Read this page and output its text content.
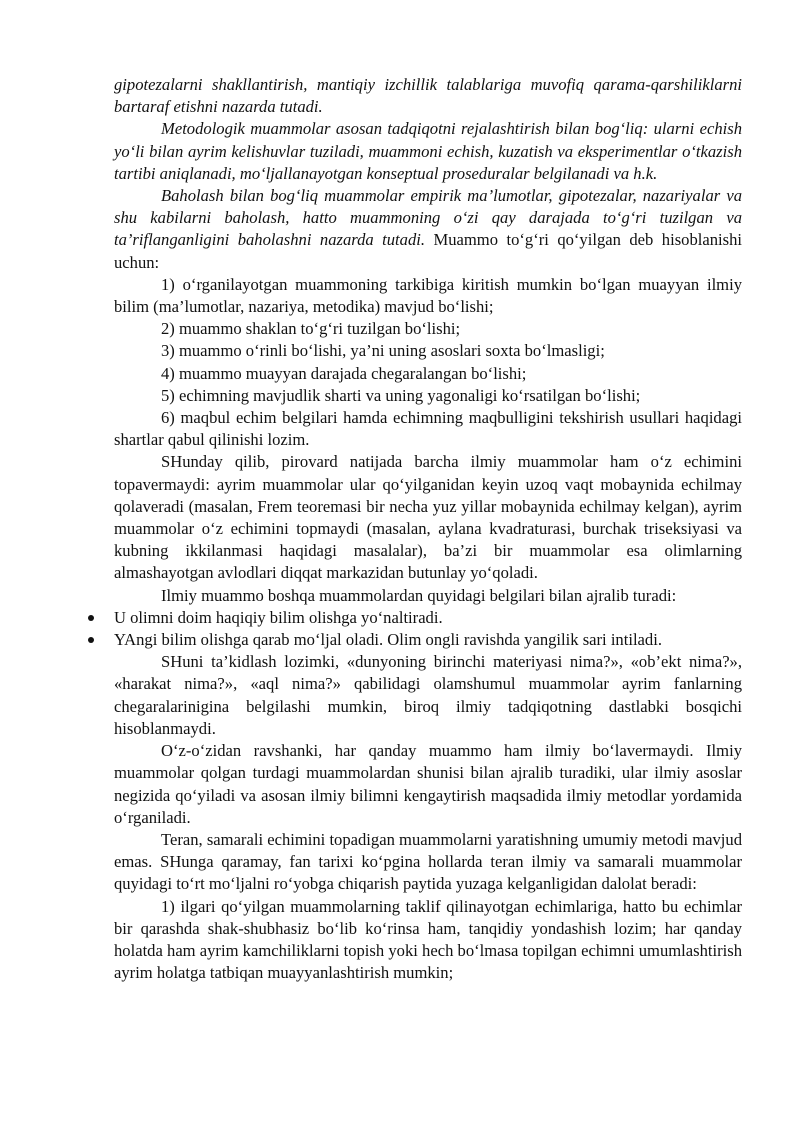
gipotezalarni shakllantirish, mantiqiy izchillik talablariga muvofiq qarama-qarshiliklarni bartaraf etishni nazarda tutadi.

Metodologik muammolar asosan tadqiqotni rejalashtirish bilan bog‘liq: ularni echish yo‘li bilan ayrim kelishuvlar tuziladi, muammoni echish, kuzatish va eksperimentlar o‘tkazish tartibi aniqlanadi, mo‘ljallanayotgan konseptual proseduralar belgilanadi va h.k.

Baholash bilan bog‘liq muammolar empirik ma’lumotlar, gipotezalar, nazariyalar va shu kabilarni baholash, hatto muammoning o‘zi qay darajada to‘g‘ri tuzilgan va ta’riflanganligini baholashni nazarda tutadi. Muammo to‘g‘ri qo‘yilgan deb hisoblanishi uchun:

1) o‘rganilayotgan muammoning tarkibiga kiritish mumkin bo‘lgan muayyan ilmiy bilim (ma’lumotlar, nazariya, metodika) mavjud bo‘lishi;

2) muammo shaklan to‘g‘ri tuzilgan bo‘lishi;

3) muammo o‘rinli bo‘lishi, ya’ni uning asoslari soxta bo‘lmasligi;

4) muammo muayyan darajada chegaralangan bo‘lishi;

5) echimning mavjudlik sharti va uning yagonaligi ko‘rsatilgan bo‘lishi;

6) maqbul echim belgilari hamda echimning maqbulligini tekshirish usullari haqidagi shartlar qabul qilinishi lozim.

SHunday qilib, pirovard natijada barcha ilmiy muammolar ham o‘z echimini topavermaydi: ayrim muammolar ular qo‘yilganidan keyin uzoq vaqt mobaynida echilmay qolaveradi (masalan, Frem teoremasi bir necha yuz yillar mobaynida echilmay kelgan), ayrim muammolar o‘z echimini topmaydi (masalan, aylana kvadraturasi, burchak triseksiyasi va kubning ikkilanmasi haqidagi masalalar), ba’zi bir muammolar esa olimlarning almashayotgan avlodlari diqqat markazidan butunlay yo‘qoladi.

Ilmiy muammo boshqa muammolardan quyidagi belgilari bilan ajralib turadi:

U olimni doim haqiqiy bilim olishga yo‘naltiradi.
YAngi bilim olishga qarab mo‘ljal oladi. Olim ongli ravishda yangilik sari intiladi.

SHuni ta’kidlash lozimki, «dunyoning birinchi materiyasi nima?», «ob’ekt nima?», «harakat nima?», «aql nima?» qabilidagi olamshumul muammolar ayrim fanlarning chegaralarinigina belgilashi mumkin, biroq ilmiy tadqiqotning dastlabki bosqichi hisoblanmaydi.

O‘z-o‘zidan ravshanki, har qanday muammo ham ilmiy bo‘lavermaydi. Ilmiy muammolar qolgan turdagi muammolardan shunisi bilan ajralib turadiki, ular ilmiy asoslar negizida qo‘yiladi va asosan ilmiy bilimni kengaytirish maqsadida ilmiy metodlar yordamida o‘rganiladi.

Teran, samarali echimini topadigan muammolarni yaratishning umumiy metodi mavjud emas. SHunga qaramay, fan tarixi ko‘pgina hollarda teran ilmiy va samarali muammolar quyidagi to‘rt mo‘ljalni ro‘yobga chiqarish paytida yuzaga kelganligidan dalolat beradi:

1) ilgari qo‘yilgan muammolarning taklif qilinayotgan echimlariga, hatto bu echimlar bir qarashda shak-shubhasiz bo‘lib ko‘rinsa ham, tanqidiy yondashish lozim; har qanday holatda ham ayrim kamchiliklarni topish yoki hech bo‘lmasa topilgan echimni umumlashtirish ayrim holatga tatbiqan muayyanlashtirish mumkin;
